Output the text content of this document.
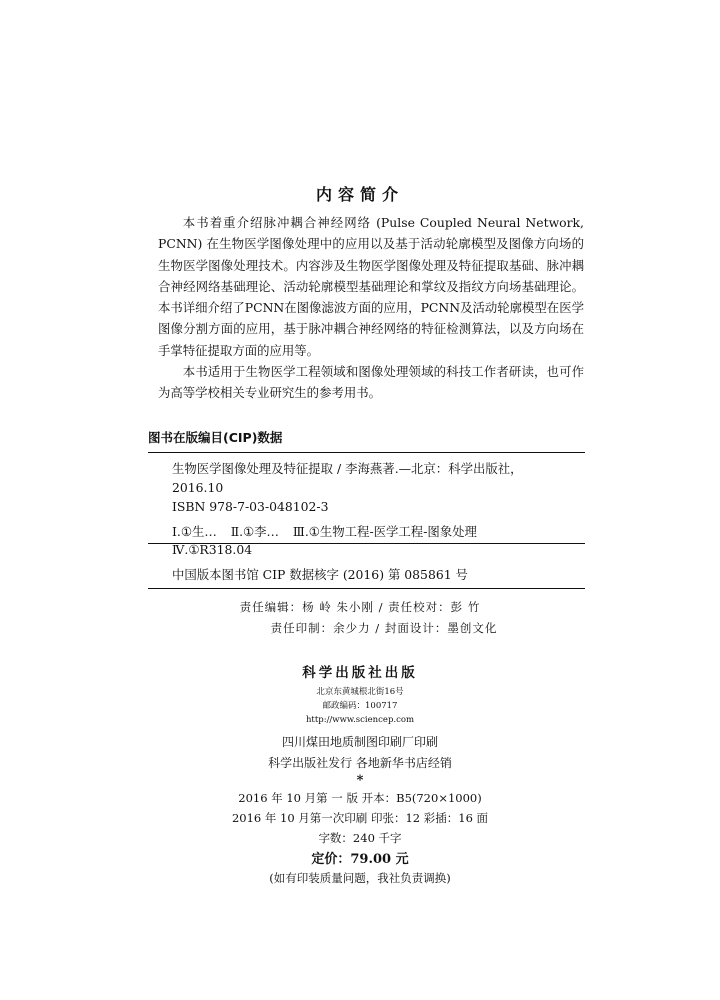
内容简介

本书着重介绍脉冲耦合神经网络 (Pulse Coupled Neural Network, PCNN) 在生物医学图像处理中的应用以及基于活动轮廓模型及图像方向场的生物医学图像处理技术。内容涉及生物医学图像处理及特征提取基础、脉冲耦合神经网络基础理论、活动轮廓模型基础理论和掌纹及指纹方向场基础理论。本书详细介绍了PCNN在图像滤波方面的应用，PCNN及活动轮廓模型在医学图像分割方面的应用，基于脉冲耦合神经网络的特征检测算法，以及方向场在手掌特征提取方面的应用等。

本书适用于生物医学工程领域和图像处理领域的科技工作者研读，也可作为高等学校相关专业研究生的参考用书。

图书在版编目(CIP)数据
生物医学图像处理及特征提取 / 李海燕著.—北京：科学出版社，
2016.10
ISBN 978-7-03-048102-3
Ⅰ.①生… Ⅱ.①李… Ⅲ.①生物工程-医学工程-图象处理
Ⅳ.①R318.04
中国版本图书馆 CIP 数据核字 (2016) 第 085861 号
责任编辑：杨 岭 朱小刚 / 责任校对：彭 竹
责任印制：余少力 / 封面设计：墨创文化
科学出版社出版
北京东黄城根北街16号
邮政编码：100717
http://www.sciencep.com
四川煤田地质制图印刷厂印刷
科学出版社发行 各地新华书店经销
*
2016 年 10 月第 一 版 开本：B5(720×1000)
2016 年 10 月第一次印刷 印张：12 彩插：16 面
字数：240 千字
定价：79.00 元
(如有印装质量问题，我社负责调换)
